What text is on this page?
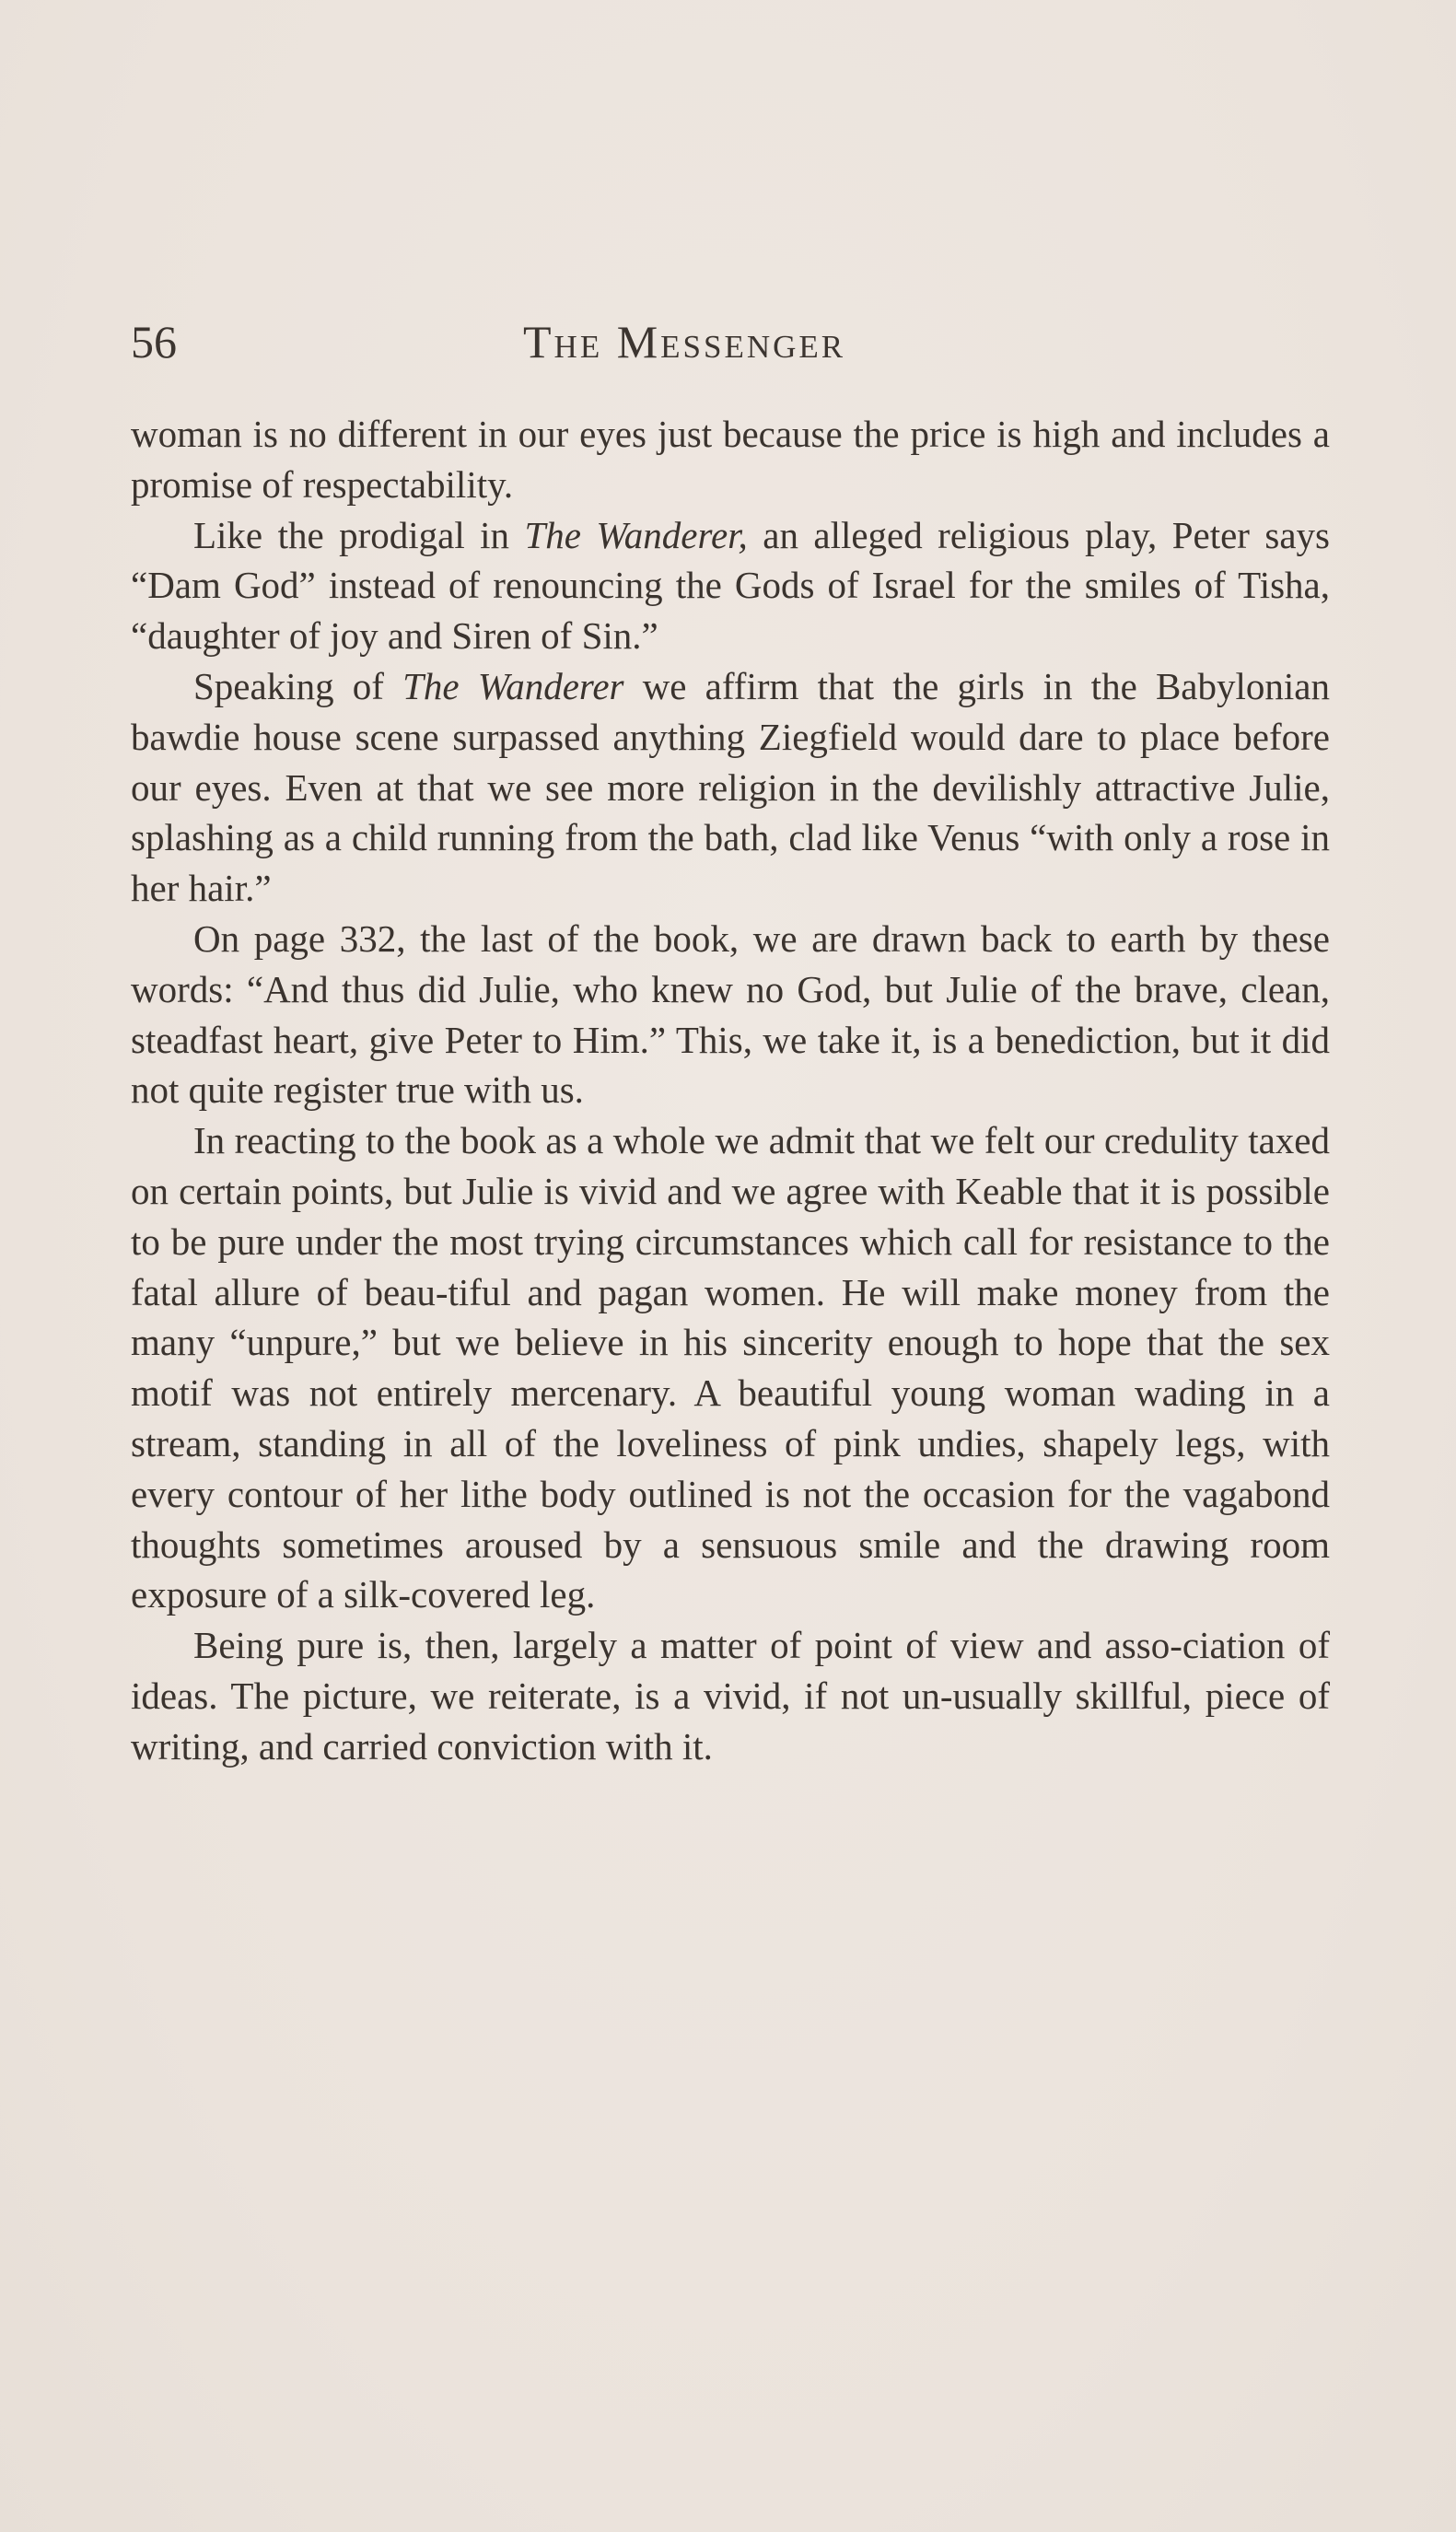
56	The Messenger

woman is no different in our eyes just because the price is high and includes a promise of respectability.

Like the prodigal in The Wanderer, an alleged religious play, Peter says “Dam God” instead of renouncing the Gods of Israel for the smiles of Tisha, “daughter of joy and Siren of Sin.”

Speaking of The Wanderer we affirm that the girls in the Babylonian bawdie house scene surpassed anything Ziegfield would dare to place before our eyes. Even at that we see more religion in the devilishly attractive Julie, splashing as a child running from the bath, clad like Venus “with only a rose in her hair.”

On page 332, the last of the book, we are drawn back to earth by these words: “And thus did Julie, who knew no God, but Julie of the brave, clean, steadfast heart, give Peter to Him.” This, we take it, is a benediction, but it did not quite register true with us.

In reacting to the book as a whole we admit that we felt our credulity taxed on certain points, but Julie is vivid and we agree with Keable that it is possible to be pure under the most trying circumstances which call for resistance to the fatal allure of beau-tiful and pagan women. He will make money from the many “unpure,” but we believe in his sincerity enough to hope that the sex motif was not entirely mercenary. A beautiful young woman wading in a stream, standing in all of the loveliness of pink undies, shapely legs, with every contour of her lithe body outlined is not the occasion for the vagabond thoughts sometimes aroused by a sensuous smile and the drawing room exposure of a silk-covered leg.

Being pure is, then, largely a matter of point of view and asso-ciation of ideas. The picture, we reiterate, is a vivid, if not un-usually skillful, piece of writing, and carried conviction with it.
